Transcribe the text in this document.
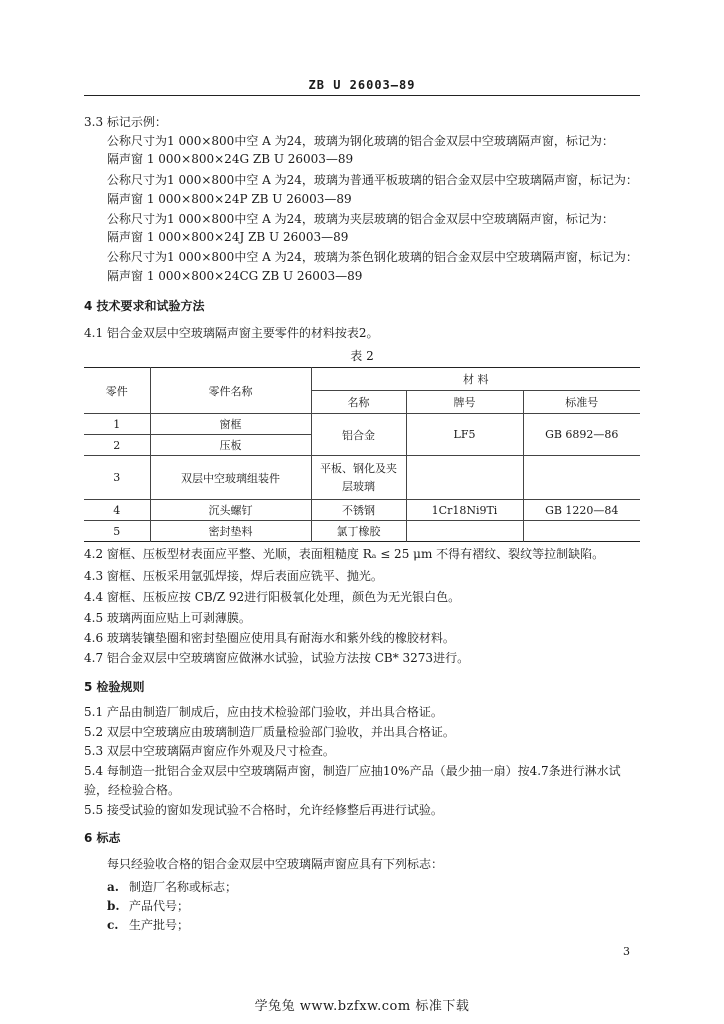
ZB U 26003—89
3.3 标记示例：
公称尺寸为1 000×800中空 A 为24，玻璃为钢化玻璃的铝合金双层中空玻璃隔声窗，标记为：
隔声窗 1 000×800×24G ZB U 26003—89
公称尺寸为1 000×800中空 A 为24，玻璃为普通平板玻璃的铝合金双层中空玻璃隔声窗，标记为：
隔声窗 1 000×800×24P ZB U 26003—89
公称尺寸为1 000×800中空 A 为24，玻璃为夹层玻璃的铝合金双层中空玻璃隔声窗，标记为：
隔声窗 1 000×800×24J ZB U 26003—89
公称尺寸为1 000×800中空 A 为24，玻璃为茶色钢化玻璃的铝合金双层中空玻璃隔声窗，标记为：
隔声窗 1 000×800×24CG ZB U 26003—89
4 技术要求和试验方法
4.1 铝合金双层中空玻璃隔声窗主要零件的材料按表2。
表 2
零件	零件名称	材 料		
		名称	牌号	标准号
1	窗框	铝合金	LF5	GB 6892—86
2	压板			
3	双层中空玻璃组装件	平板、钢化及夹
层玻璃		

4	沉头螺钉	不锈钢	1Cr18Ni9Ti	GB 1220—84
5	密封垫料	氯丁橡胶		
4.2 窗框、压板型材表面应平整、光顺，表面粗糙度 Rₐ ≤ 25 μm 不得有褶纹、裂纹等拉制缺陷。
4.3 窗框、压板采用氩弧焊接，焊后表面应铣平、抛光。
4.4 窗框、压板应按 CB/Z 92进行阳极氧化处理，颜色为无光银白色。
4.5 玻璃两面应贴上可剥薄膜。
4.6 玻璃装镶垫圈和密封垫圈应使用具有耐海水和紫外线的橡胶材料。
4.7 铝合金双层中空玻璃窗应做淋水试验，试验方法按 CB* 3273进行。
5 检验规则
5.1 产品由制造厂制成后，应由技术检验部门验收，并出具合格证。
5.2 双层中空玻璃应由玻璃制造厂质量检验部门验收，并出具合格证。
5.3 双层中空玻璃隔声窗应作外观及尺寸检查。
5.4 每制造一批铝合金双层中空玻璃隔声窗，制造厂应抽10%产品（最少抽一扇）按4.7条进行淋水试
验，经检验合格。
5.5 接受试验的窗如发现试验不合格时，允许经修整后再进行试验。
6 标志
每只经验收合格的铝合金双层中空玻璃隔声窗应具有下列标志：
a. 制造厂名称或标志；
b. 产品代号；
c. 生产批号；
3
学兔兔 www.bzfxw.com 标准下载
